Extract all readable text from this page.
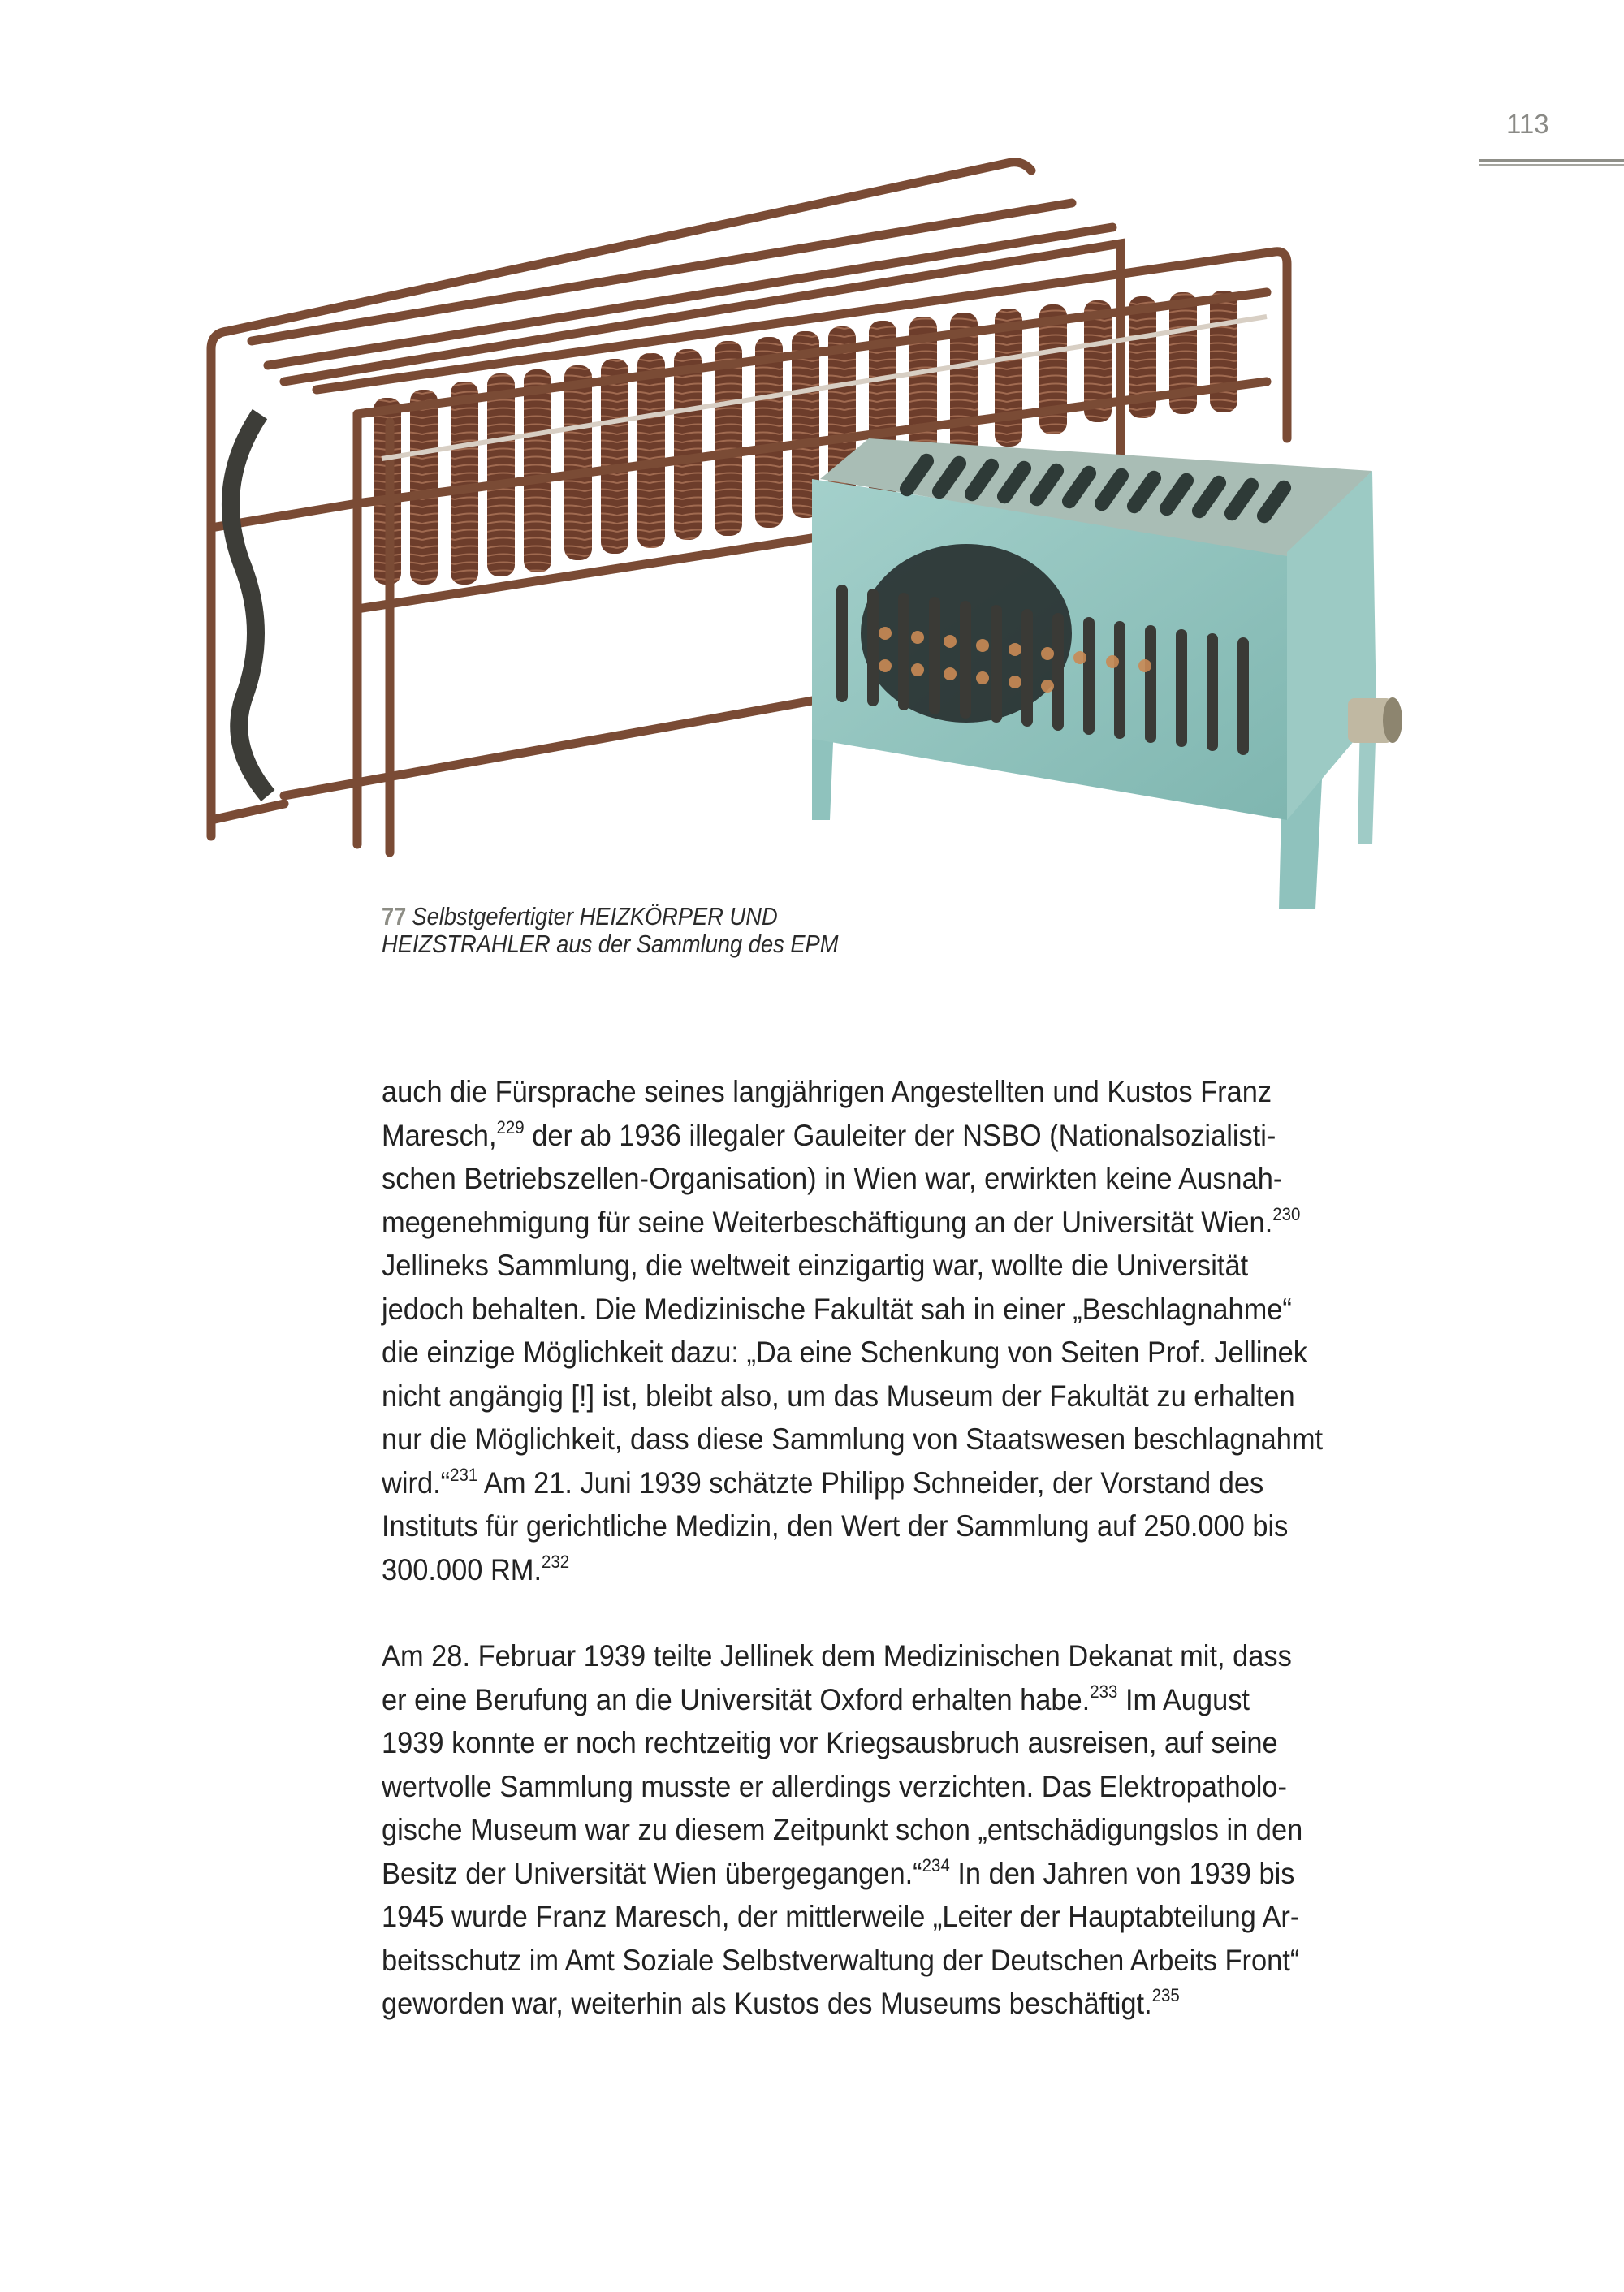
113
77 Selbstgefertigter HEIZKÖRPER UND
HEIZSTRAHLER aus der Sammlung des EPM
auch die Fürsprache seines langjährigen Angestellten und Kustos Franz
Maresch,$^{229}$ der ab 1936 illegaler Gauleiter der NSBO (Nationalsozialisti-
schen Betriebszellen-Organisation) in Wien war, erwirkten keine Ausnah-
megenehmigung für seine Weiterbeschäftigung an der Universität Wien.$^{230}$
Jellineks Sammlung, die weltweit einzigartig war, wollte die Universität
jedoch behalten. Die Medizinische Fakultät sah in einer „Beschlagnahme“
die einzige Möglichkeit dazu: „Da eine Schenkung von Seiten Prof. Jellinek
nicht angängig [!] ist, bleibt also, um das Museum der Fakultät zu erhalten
nur die Möglichkeit, dass diese Sammlung von Staatswesen beschlagnahmt
wird.“$^{231}$ Am 21. Juni 1939 schätzte Philipp Schneider, der Vorstand des
Instituts für gerichtliche Medizin, den Wert der Sammlung auf 250.000 bis
300.000 RM.$^{232}$
Am 28. Februar 1939 teilte Jellinek dem Medizinischen Dekanat mit, dass
er eine Berufung an die Universität Oxford erhalten habe.$^{233}$ Im August
1939 konnte er noch rechtzeitig vor Kriegsausbruch ausreisen, auf seine
wertvolle Sammlung musste er allerdings verzichten. Das Elektropatholo-
gische Museum war zu diesem Zeitpunkt schon „entschädigungslos in den
Besitz der Universität Wien übergegangen.“$^{234}$ In den Jahren von 1939 bis
1945 wurde Franz Maresch, der mittlerweile „Leiter der Hauptabteilung Ar-
beitsschutz im Amt Soziale Selbstverwaltung der Deutschen Arbeits Front“
geworden war, weiterhin als Kustos des Museums beschäftigt.$^{235}$
